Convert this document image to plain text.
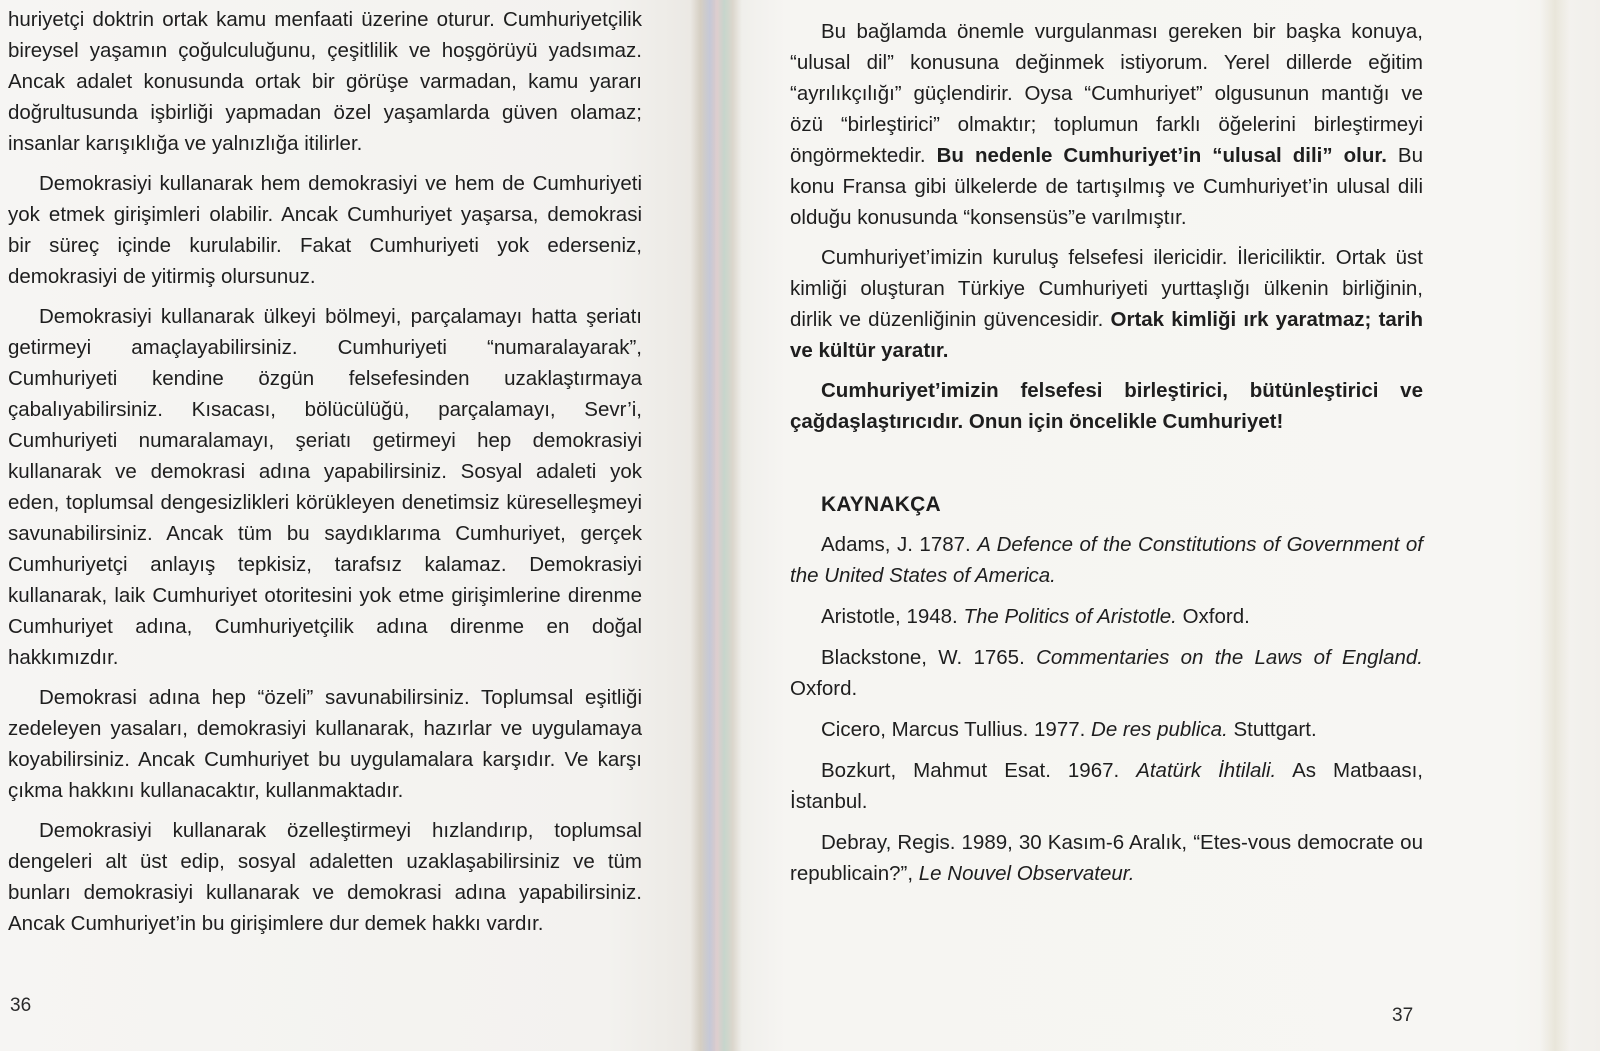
huriyetçi doktrin ortak kamu menfaati üzerine oturur. Cumhuriyetçilik bireysel yaşamın çoğulculuğunu, çeşitlilik ve hoşgörüyü yadsımaz. Ancak adalet konusunda ortak bir görüşe varmadan, kamu yararı doğrultusunda işbirliği yapmadan özel yaşamlarda güven olamaz; insanlar karışıklığa ve yalnızlığa itilirler.

Demokrasiyi kullanarak hem demokrasiyi ve hem de Cumhuriyeti yok etmek girişimleri olabilir. Ancak Cumhuriyet yaşarsa, demokrasi bir süreç içinde kurulabilir. Fakat Cumhuriyeti yok ederseniz, demokrasiyi de yitirmiş olursunuz.

Demokrasiyi kullanarak ülkeyi bölmeyi, parçalamayı hatta şeriatı getirmeyi amaçlayabilirsiniz. Cumhuriyeti “numaralayarak”, Cumhuriyeti kendine özgün felsefesinden uzaklaştırmaya çabalıyabilirsiniz. Kısacası, bölücülüğü, parçalamayı, Sevr’i, Cumhuriyeti numaralamayı, şeriatı getirmeyi hep demokrasiyi kullanarak ve demokrasi adına yapabilirsiniz. Sosyal adaleti yok eden, toplumsal dengesizlikleri körükleyen denetimsiz küreselleşmeyi savunabilirsiniz. Ancak tüm bu saydıklarıma Cumhuriyet, gerçek Cumhuriyetçi anlayış tepkisiz, tarafsız kalamaz. Demokrasiyi kullanarak, laik Cumhuriyet otoritesini yok etme girişimlerine direnme Cumhuriyet adına, Cumhuriyetçilik adına direnme en doğal hakkımızdır.

Demokrasi adına hep “özeli” savunabilirsiniz. Toplumsal eşitliği zedeleyen yasaları, demokrasiyi kullanarak, hazırlar ve uygulamaya koyabilirsiniz. Ancak Cumhuriyet bu uygulamalara karşıdır. Ve karşı çıkma hakkını kullanacaktır, kullanmaktadır.

Demokrasiyi kullanarak özelleştirmeyi hızlandırıp, toplumsal dengeleri alt üst edip, sosyal adaletten uzaklaşabilirsiniz ve tüm bunları demokrasiyi kullanarak ve demokrasi adına yapabilirsiniz. Ancak Cumhuriyet’in bu girişimlere dur demek hakkı vardır.

36

Bu bağlamda önemle vurgulanması gereken bir başka konuya, “ulusal dil” konusuna değinmek istiyorum. Yerel dillerde eğitim “ayrılıkçılığı” güçlendirir. Oysa “Cumhuriyet” olgusunun mantığı ve özü “birleştirici” olmaktır; toplumun farklı öğelerini birleştirmeyi öngörmektedir. Bu nedenle Cumhuriyet’in “ulusal dili” olur. Bu konu Fransa gibi ülkelerde de tartışılmış ve Cumhuriyet’in ulusal dili olduğu konusunda “konsensüs”e varılmıştır.

Cumhuriyet’imizin kuruluş felsefesi ilericidir. İlericiliktir. Ortak üst kimliği oluşturan Türkiye Cumhuriyeti yurttaşlığı ülkenin birliğinin, dirlik ve düzenliğinin güvencesidir. Ortak kimliği ırk yaratmaz; tarih ve kültür yaratır.

Cumhuriyet’imizin felsefesi birleştirici, bütünleştirici ve çağdaşlaştırıcıdır. Onun için öncelikle Cumhuriyet!

KAYNAKÇA

Adams, J. 1787. A Defence of the Constitutions of Government of the United States of America.

Aristotle, 1948. The Politics of Aristotle. Oxford.

Blackstone, W. 1765. Commentaries on the Laws of England. Oxford.

Cicero, Marcus Tullius. 1977. De res publica. Stuttgart.

Bozkurt, Mahmut Esat. 1967. Atatürk İhtilali. As Matbaası, İstanbul.

Debray, Regis. 1989, 30 Kasım-6 Aralık, “Etes-vous democrate ou republicain?”, Le Nouvel Observateur.

37
